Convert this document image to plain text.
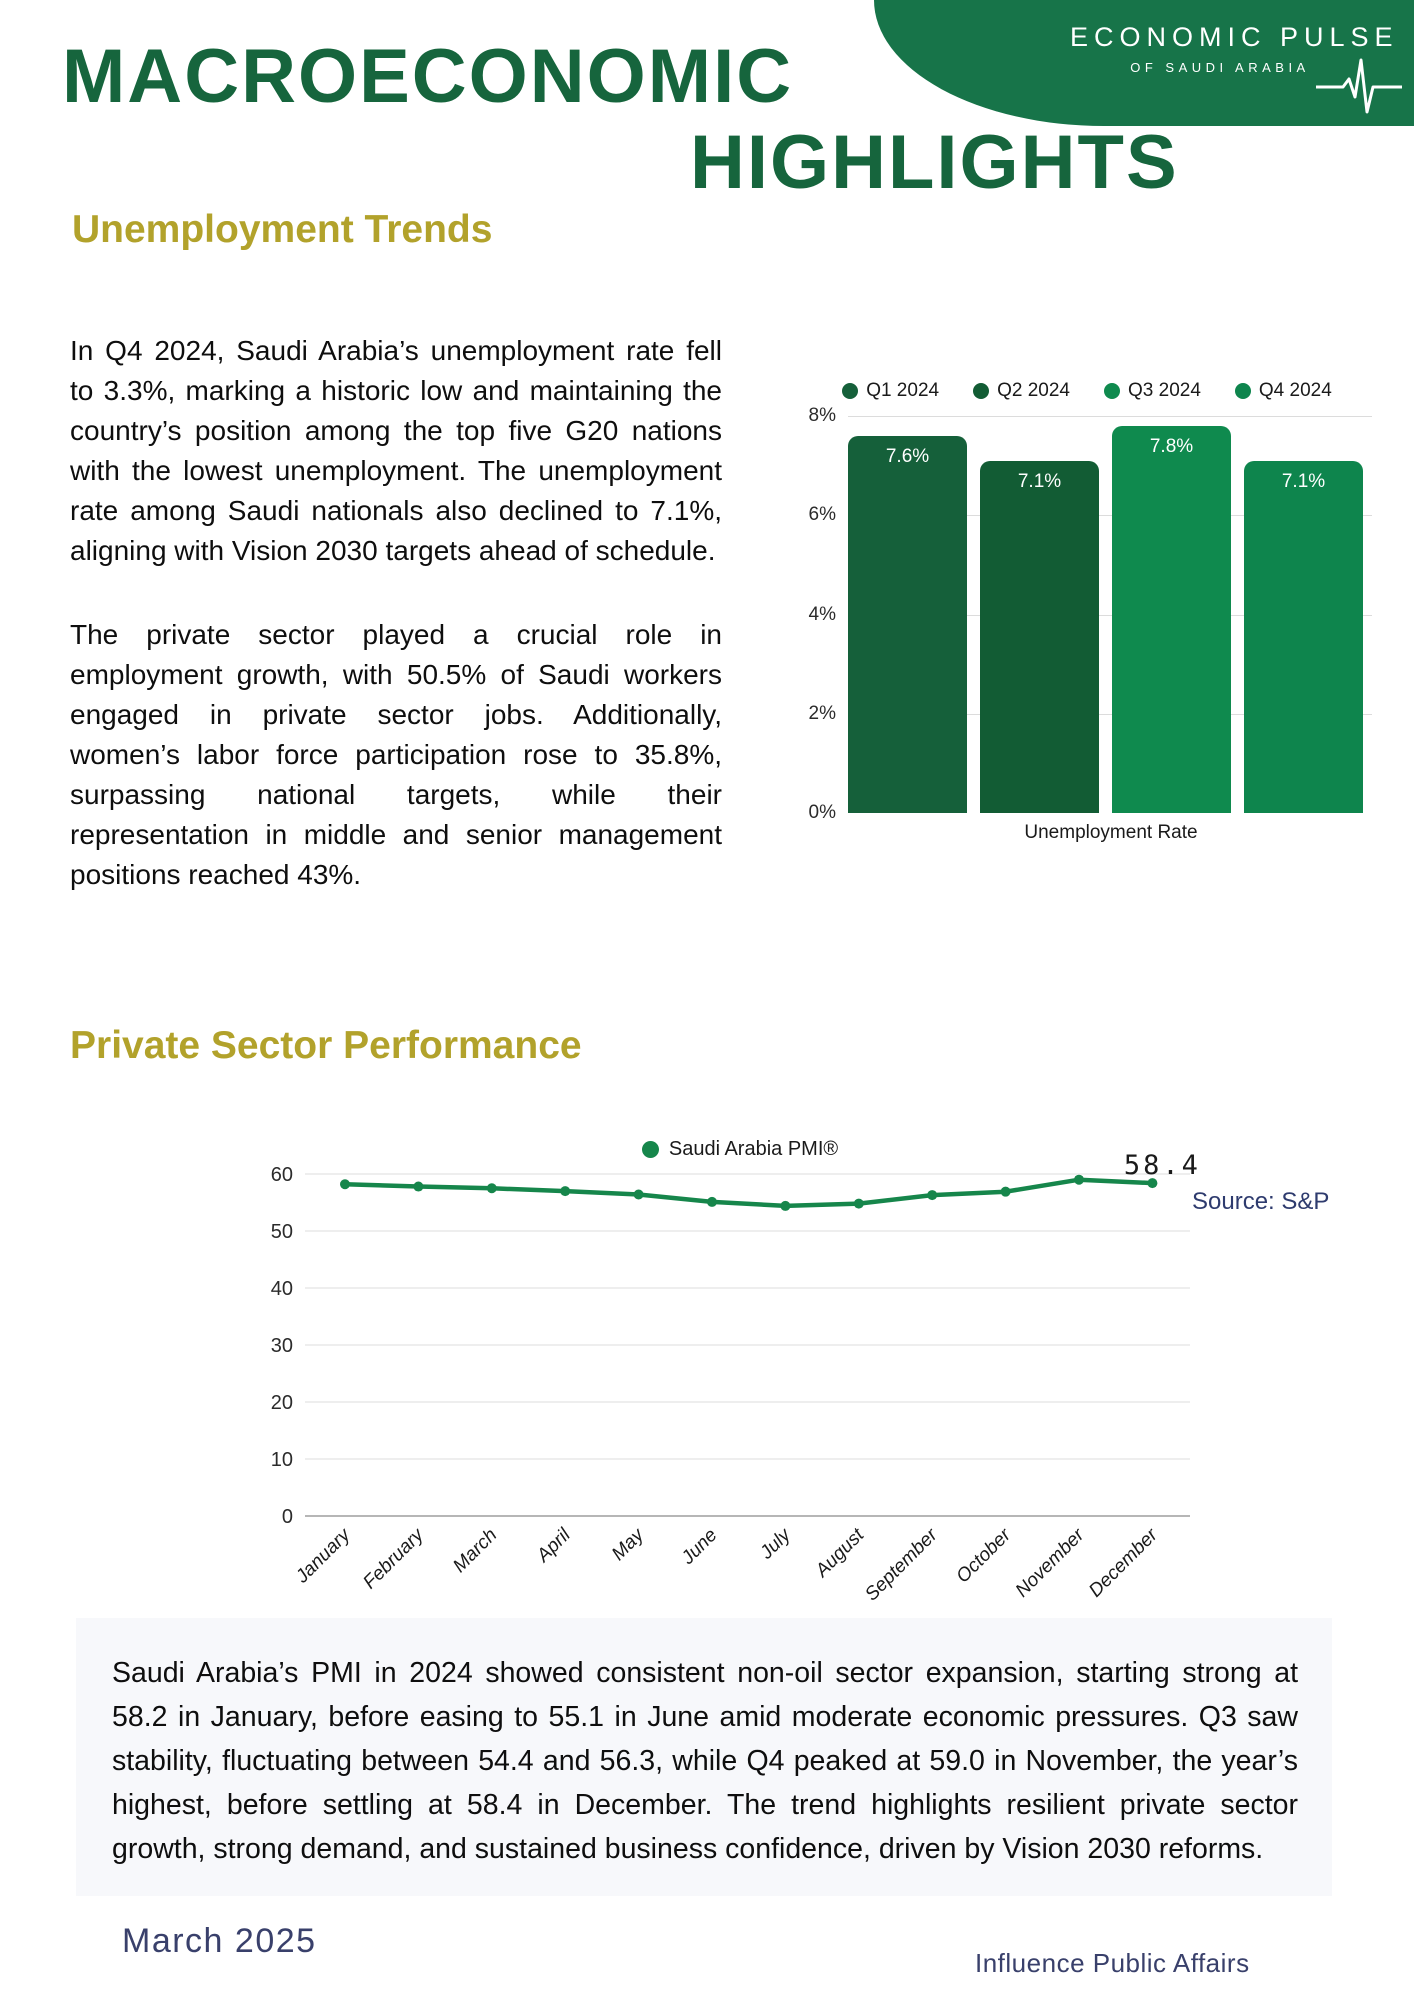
ECONOMIC PULSE
OF SAUDI ARABIA
MACROECONOMIC
HIGHLIGHTS
Unemployment Trends

In Q4 2024, Saudi Arabia’s unemployment rate fell to 3.3%, marking a historic low and maintaining the country’s position among the top five G20 nations with the lowest unemployment. The unemployment rate among Saudi nationals also declined to 7.1%, aligning with Vision 2030 targets ahead of schedule.

The private sector played a crucial role in employment growth, with 50.5% of Saudi workers engaged in private sector jobs. Additionally, women’s labor force participation rose to 35.8%, surpassing national targets, while their representation in middle and senior management positions reached 43%.

Q1 2024	Q2 2024	Q3 2024	Q4 2024
8%
6%
4%
2%
0%
7.6%
7.1%
7.8%
7.1%
Unemployment Rate
Private Sector Performance
Saudi Arabia PMI®
60
50
40
30
20
10
0
January February March April May June July August
September October
November
December
58.4
Source: S&P

Saudi Arabia’s PMI in 2024 showed consistent non-oil sector expansion, starting strong at 58.2 in January, before easing to 55.1 in June amid moderate economic pressures. Q3 saw stability, fluctuating between 54.4 and 56.3, while Q4 peaked at 59.0 in November, the year’s highest, before settling at 58.4 in December. The trend highlights resilient private sector growth, strong demand, and sustained business confidence, driven by Vision 2030 reforms.

March 2025
Influence Public Affairs
